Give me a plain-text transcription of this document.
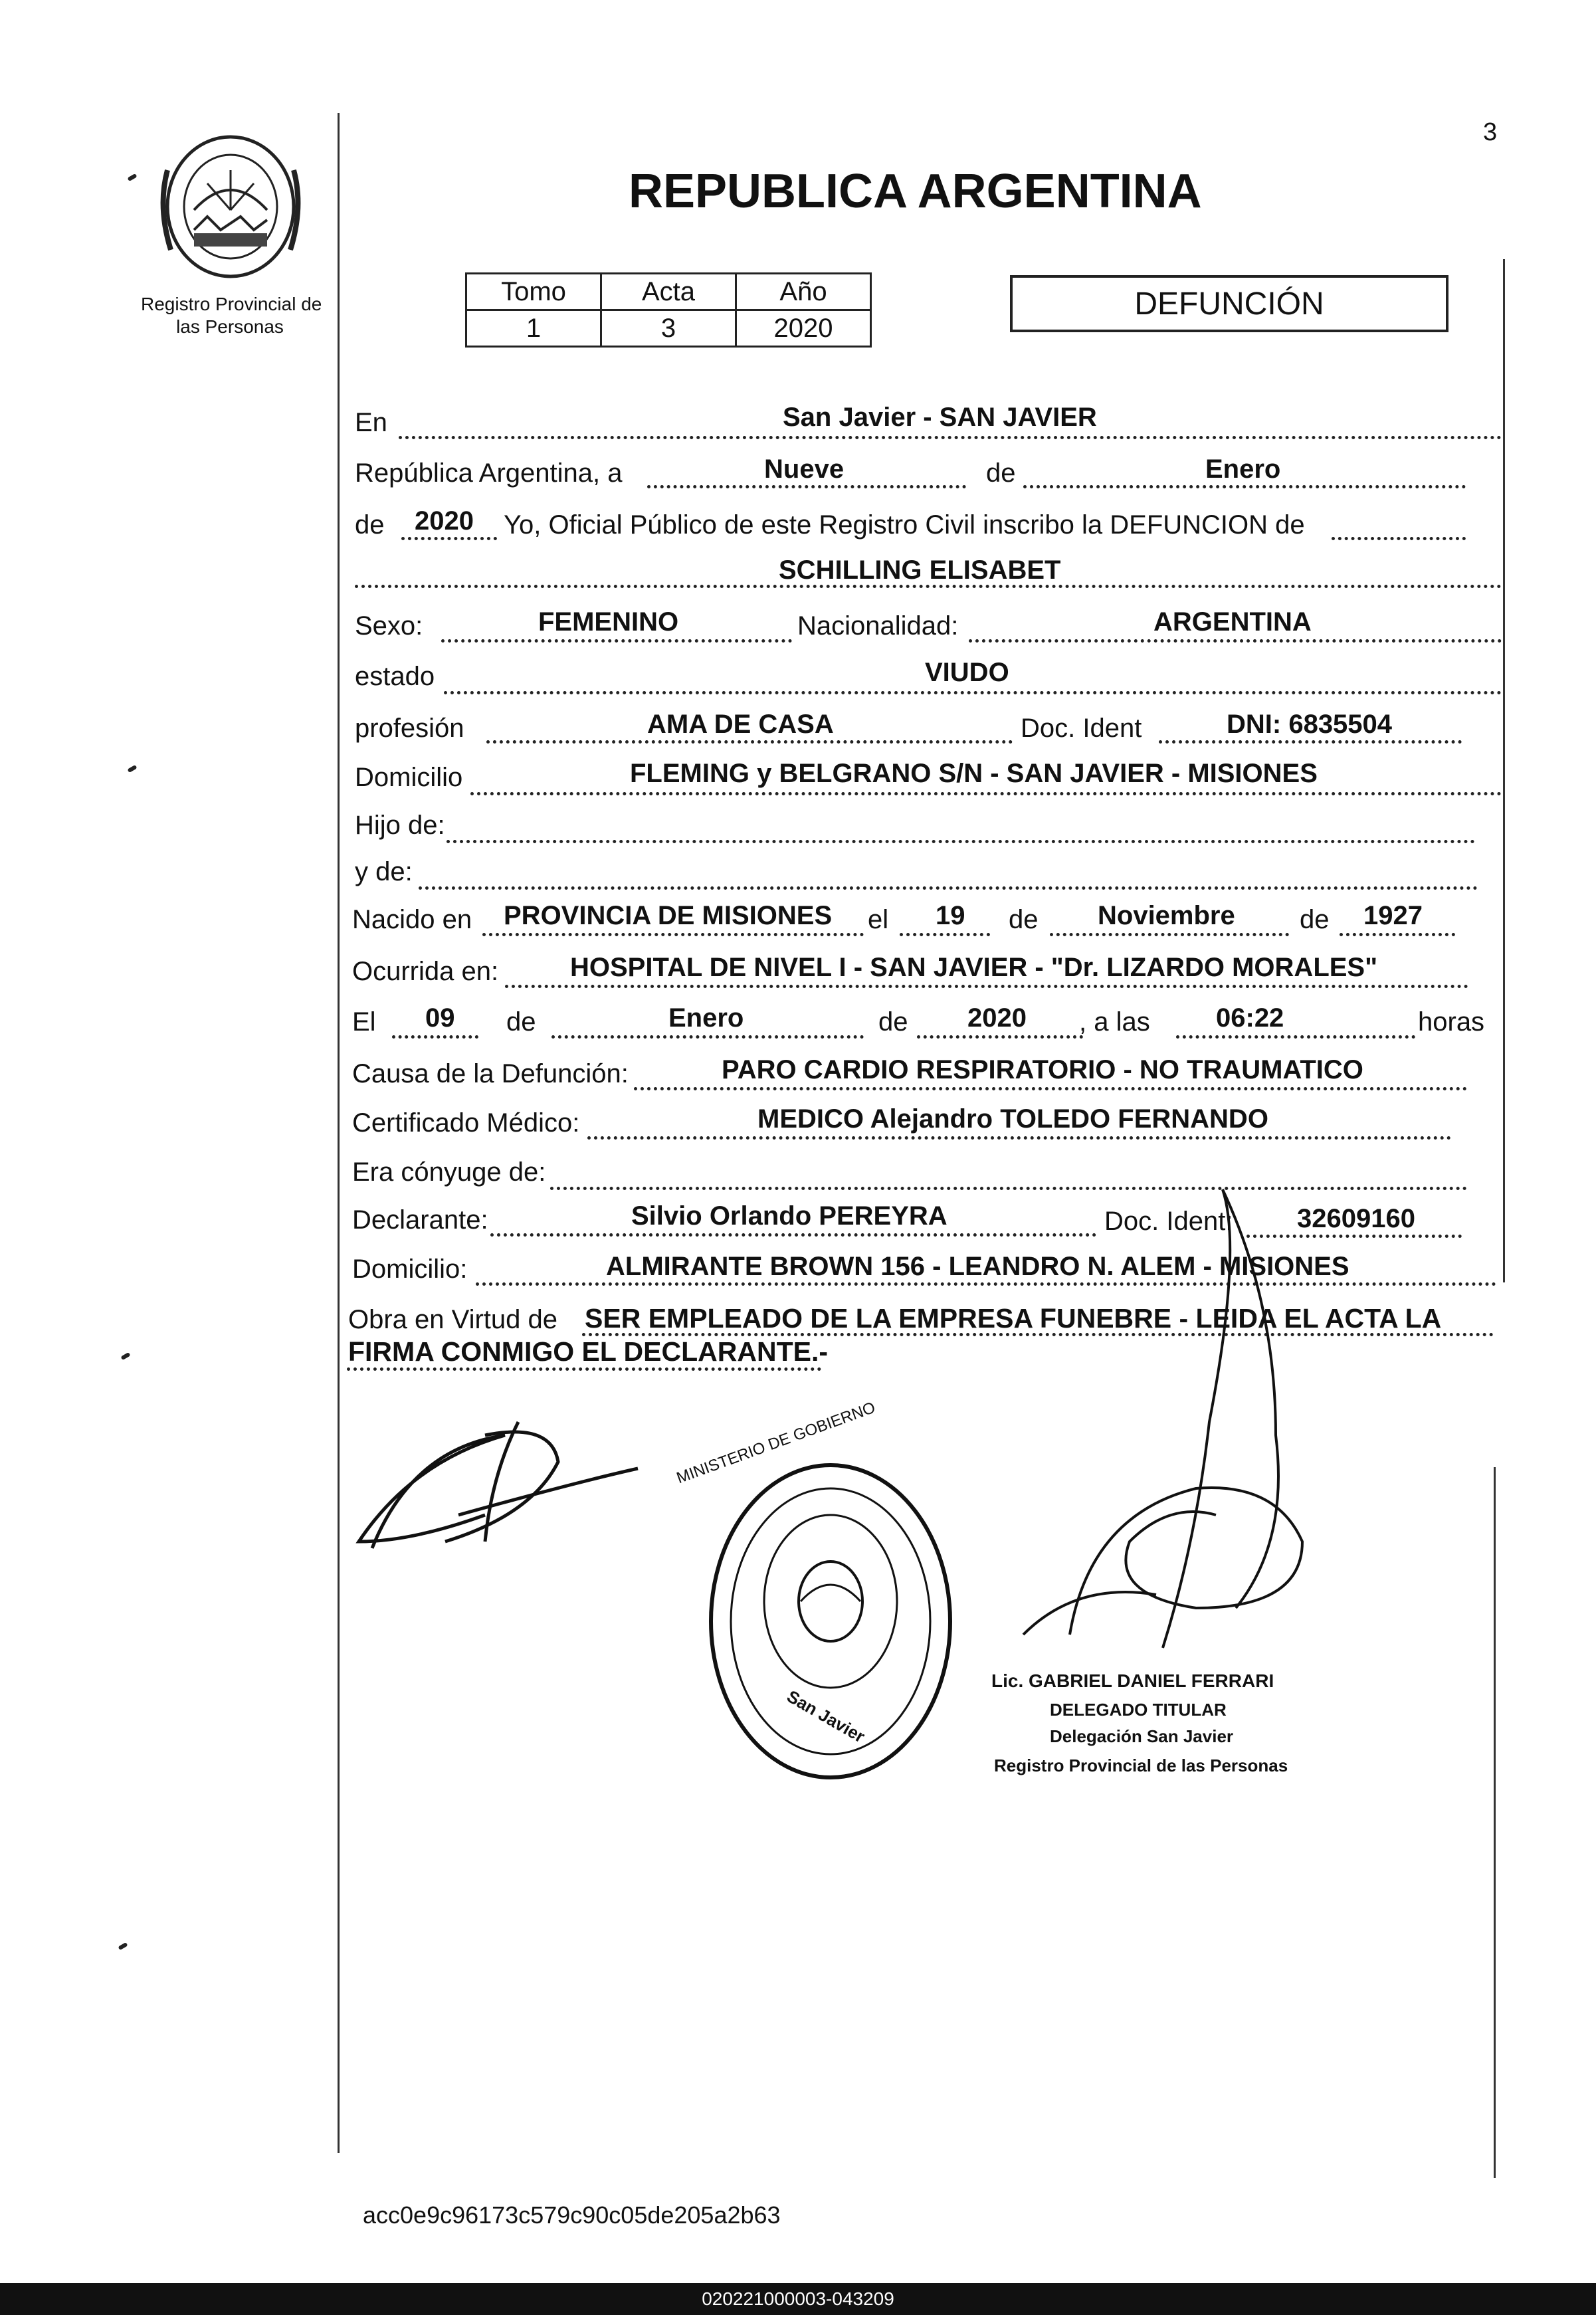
3
Registro Provincial de
las Personas
REPUBLICA ARGENTINA
Tomo	Acta	Año
1	3	2020
DEFUNCIÓN
En	San Javier - SAN JAVIER
República Argentina, a	Nueve	de	Enero
de 2020 Yo, Oficial Público de este Registro Civil inscribo la DEFUNCION de
SCHILLING ELISABET
Sexo:	FEMENINO	Nacionalidad:	ARGENTINA
estado	VIUDO
profesión	AMA DE CASA	Doc. Ident	DNI: 6835504
Domicilio	FLEMING y BELGRANO S/N - SAN JAVIER - MISIONES
Hijo de:
y de:
Nacido en PROVINCIA DE MISIONES el 19 de Noviembre de 1927
Ocurrida en:	HOSPITAL DE NIVEL I - SAN JAVIER - "Dr. LIZARDO MORALES"
El 09 de	Enero	de 2020 , a las 06:22	horas
Causa de la Defunción:	PARO CARDIO RESPIRATORIO - NO TRAUMATICO
Certificado Médico:	MEDICO Alejandro TOLEDO FERNANDO
Era cónyuge de:
Declarante:	Silvio Orlando PEREYRA	Doc. Ident: 32609160
Domicilio:	ALMIRANTE BROWN 156 - LEANDRO N. ALEM - MISIONES
Obra en Virtud de SER EMPLEADO DE LA EMPRESA FUNEBRE - LEIDA EL ACTA LA
FIRMA CONMIGO EL DECLARANTE.-
San Javier
MINISTERIO DE GOBIERNO
Lic. GABRIEL DANIEL FERRARI
DELEGADO TITULAR
Delegación San Javier
Registro Provincial de las Personas
acc0e9c96173c579c90c05de205a2b63
020221000003-043209
